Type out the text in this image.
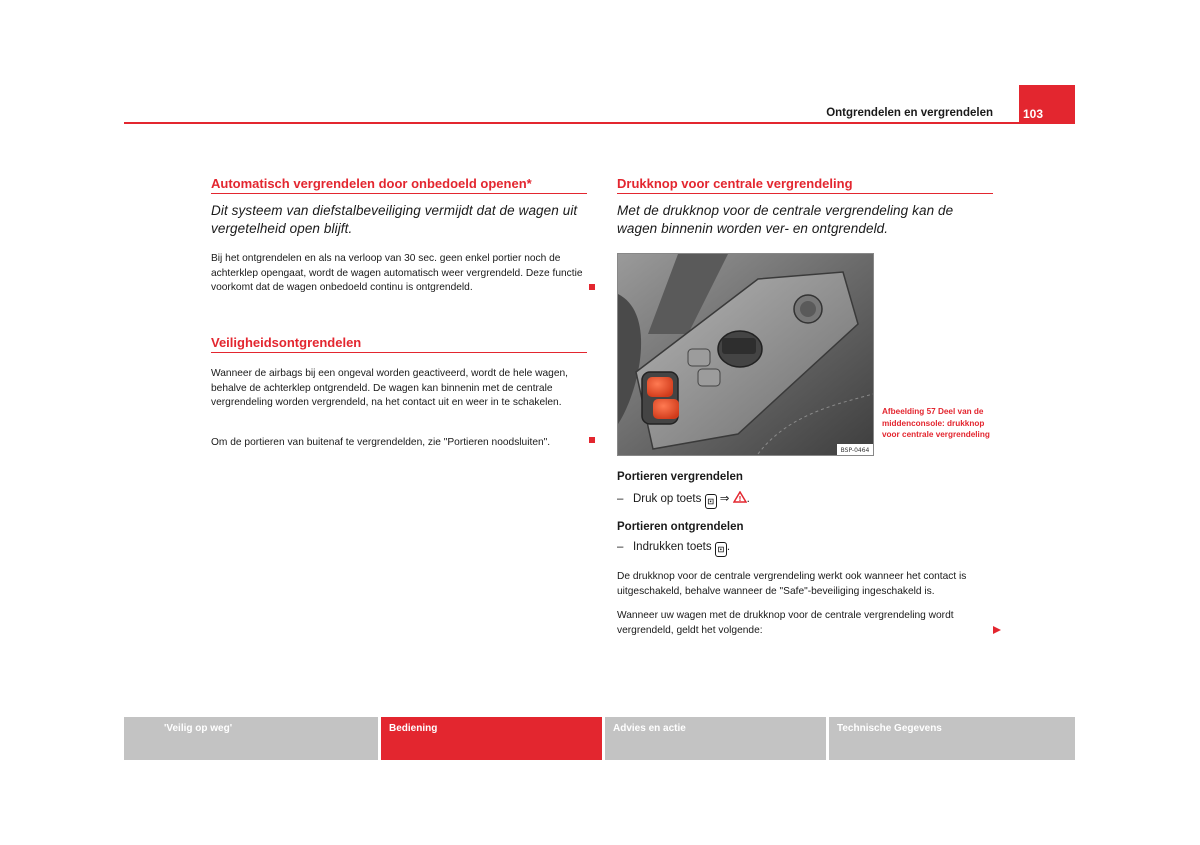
Ontgrendelen en vergrendelen	103
Automatisch vergrendelen door onbedoeld openen*
Dit systeem van diefstalbeveiliging vermijdt dat de wagen uit vergetelheid open blijft.
Bij het ontgrendelen en als na verloop van 30 sec. geen enkel portier noch de achterklep opengaat, wordt de wagen automatisch weer vergrendeld. Deze functie voorkomt dat de wagen onbedoeld continu is ontgrendeld.
Veiligheidsontgrendelen
Wanneer de airbags bij een ongeval worden geactiveerd, wordt de hele wagen, behalve de achterklep ontgrendeld. De wagen kan binnenin met de centrale vergrendeling worden vergrendeld, na het contact uit en weer in te schakelen.
Om de portieren van buitenaf te vergrendelden, zie "Portieren noodsluiten".
Drukknop voor centrale vergrendeling
Met de drukknop voor de centrale vergrendeling kan de wagen binnenin worden ver- en ontgrendeld.
BSP-0464
Afbeelding 57 Deel van de middenconsole: drukknop voor centrale vergrendeling
Portieren vergrendelen
–   Druk op toets ⊡ ⇒ ! .
Portieren ontgrendelen
–   Indrukken toets ⊡ .
De drukknop voor de centrale vergrendeling werkt ook wanneer het contact is uitgeschakeld, behalve wanneer de "Safe"-beveiliging ingeschakeld is.
Wanneer uw wagen met de drukknop voor de centrale vergrendeling wordt vergrendeld, geldt het volgende:
'Veilig op weg'	Bediening	Advies en actie	Technische Gegevens
